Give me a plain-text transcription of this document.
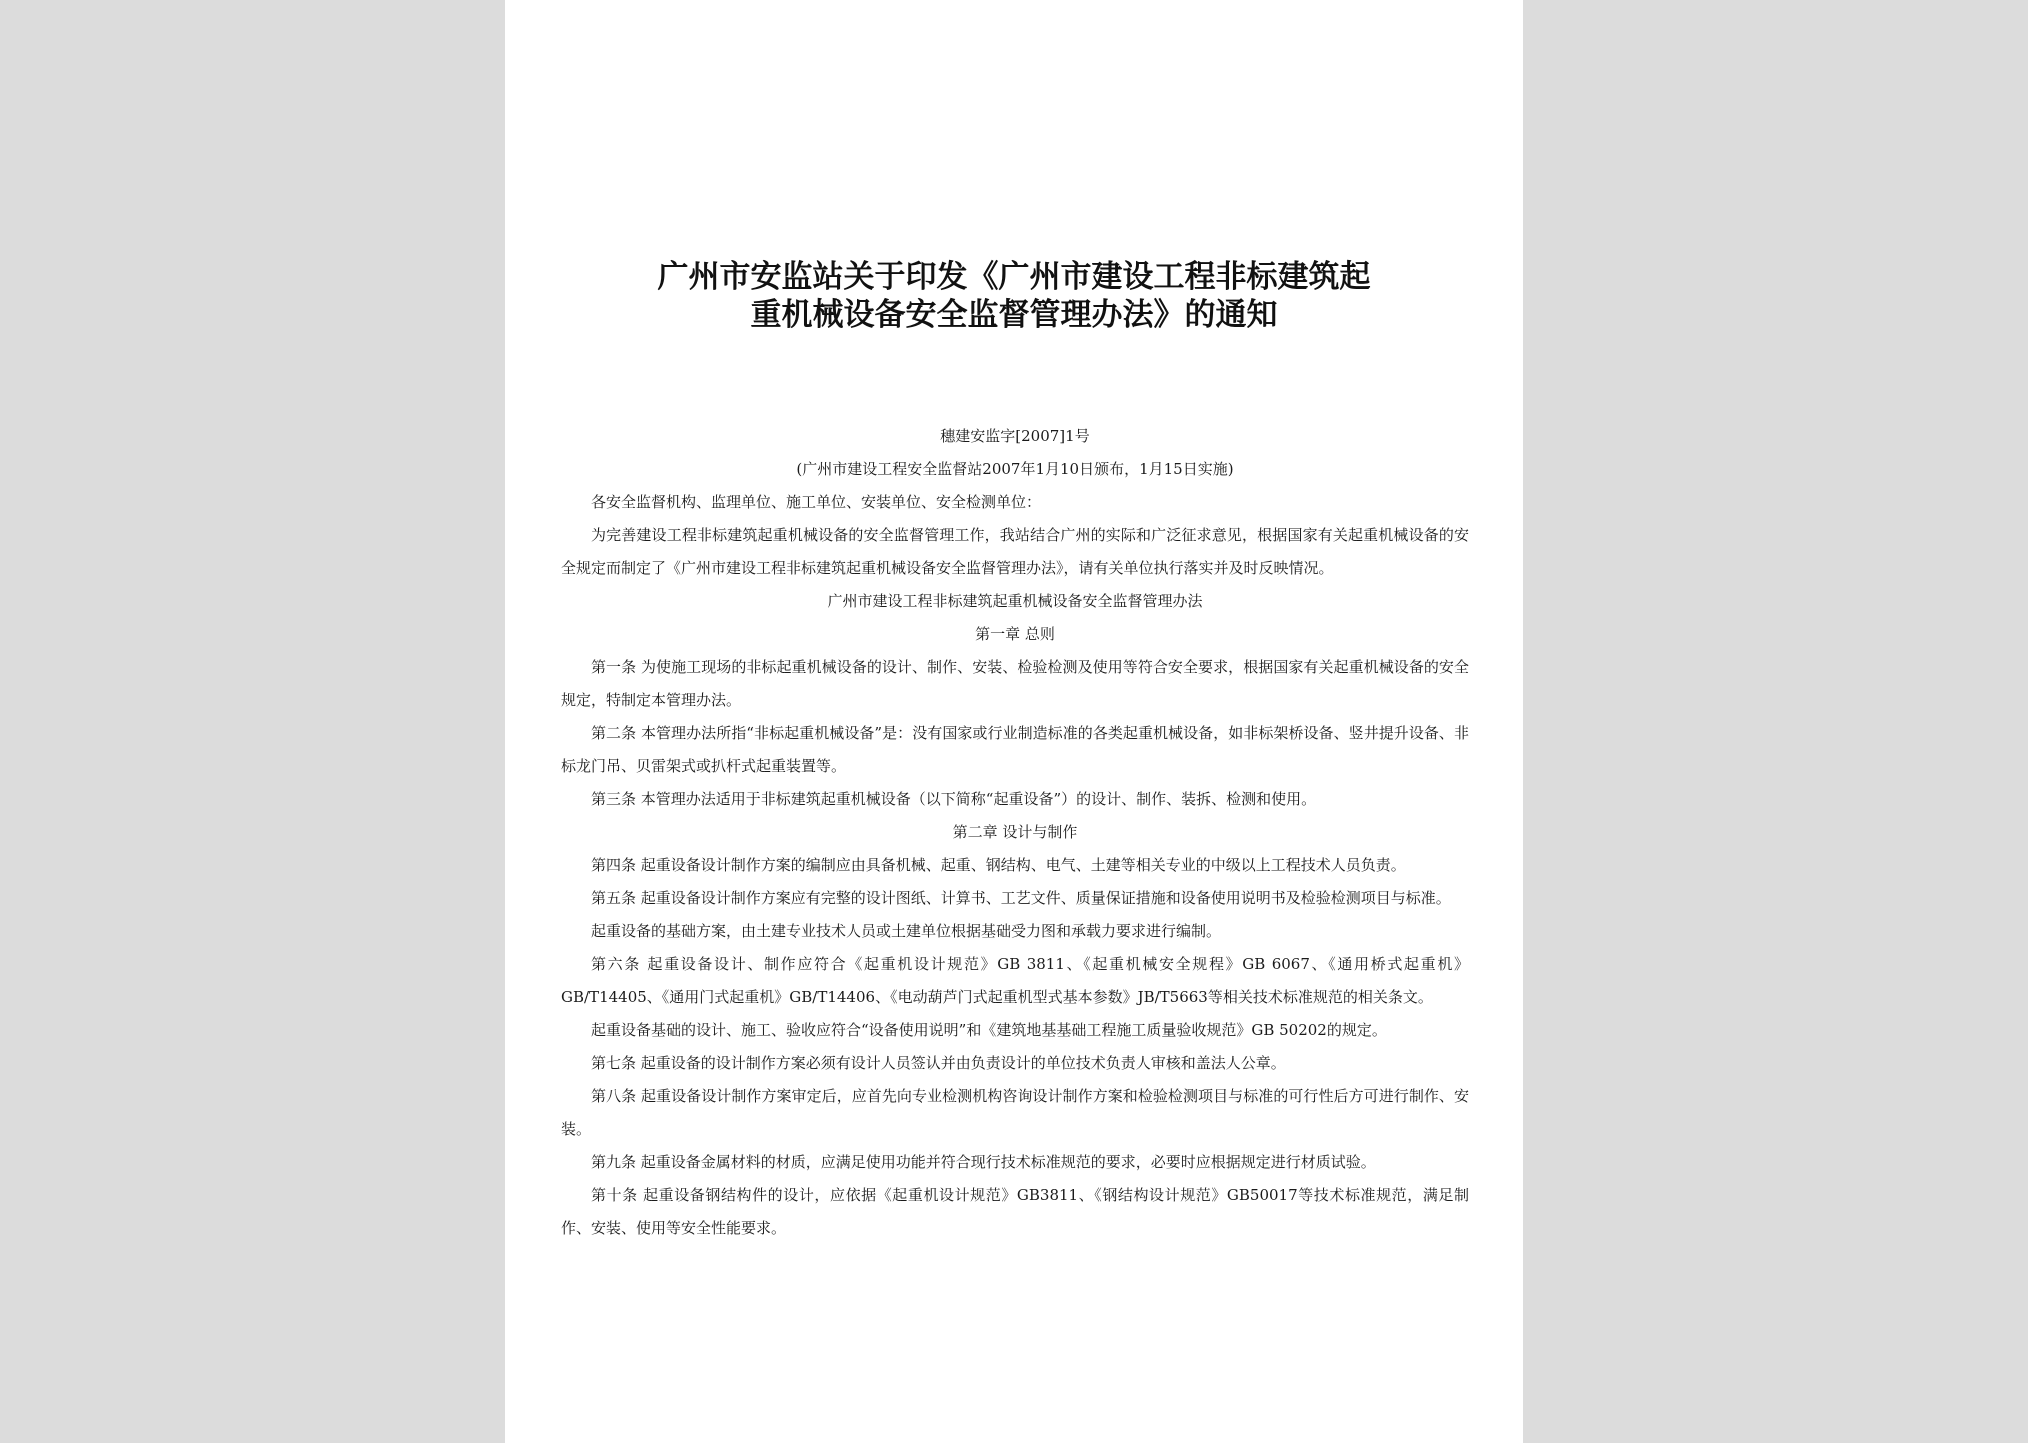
广州市安监站关于印发《广州市建设工程非标建筑起
重机械设备安全监督管理办法》的通知

穗建安监字[2007]1号

(广州市建设工程安全监督站2007年1月10日颁布，1月15日实施)

各安全监督机构、监理单位、施工单位、安装单位、安全检测单位：

为完善建设工程非标建筑起重机械设备的安全监督管理工作，我站结合广州的实际和广泛征求意见，根据国家有关起重机械设备的安全规定而制定了《广州市建设工程非标建筑起重机械设备安全监督管理办法》，请有关单位执行落实并及时反映情况。

广州市建设工程非标建筑起重机械设备安全监督管理办法

第一章 总则

第一条 为使施工现场的非标起重机械设备的设计、制作、安装、检验检测及使用等符合安全要求，根据国家有关起重机械设备的安全规定，特制定本管理办法。

第二条 本管理办法所指“非标起重机械设备”是：没有国家或行业制造标准的各类起重机械设备，如非标架桥设备、竖井提升设备、非标龙门吊、贝雷架式或扒杆式起重装置等。

第三条 本管理办法适用于非标建筑起重机械设备（以下简称“起重设备”）的设计、制作、装拆、检测和使用。

第二章 设计与制作

第四条 起重设备设计制作方案的编制应由具备机械、起重、钢结构、电气、土建等相关专业的中级以上工程技术人员负责。

第五条 起重设备设计制作方案应有完整的设计图纸、计算书、工艺文件、质量保证措施和设备使用说明书及检验检测项目与标准。

起重设备的基础方案，由土建专业技术人员或土建单位根据基础受力图和承载力要求进行编制。

第六条 起重设备设计、制作应符合《起重机设计规范》GB 3811、《起重机械安全规程》GB 6067、《通用桥式起重机》GB/T14405、《通用门式起重机》GB/T14406、《电动葫芦门式起重机型式基本参数》JB/T5663等相关技术标准规范的相关条文。

起重设备基础的设计、施工、验收应符合“设备使用说明”和《建筑地基基础工程施工质量验收规范》GB 50202的规定。

第七条 起重设备的设计制作方案必须有设计人员签认并由负责设计的单位技术负责人审核和盖法人公章。

第八条 起重设备设计制作方案审定后，应首先向专业检测机构咨询设计制作方案和检验检测项目与标准的可行性后方可进行制作、安装。

第九条 起重设备金属材料的材质，应满足使用功能并符合现行技术标准规范的要求，必要时应根据规定进行材质试验。

第十条 起重设备钢结构件的设计，应依据《起重机设计规范》GB3811、《钢结构设计规范》GB50017等技术标准规范，满足制作、安装、使用等安全性能要求。
